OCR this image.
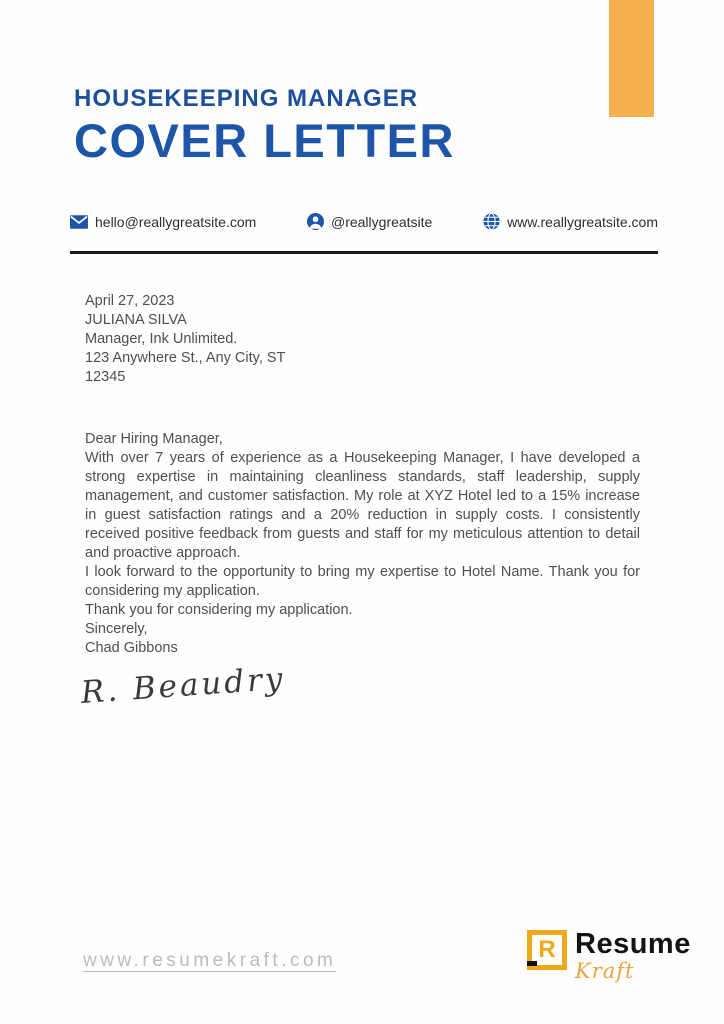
HOUSEKEEPING MANAGER
COVER LETTER
hello@reallygreatsite.com	@reallygreatsite	www.reallygreatsite.com

April 27, 2023

JULIANA SILVA

Manager, Ink Unlimited.

123 Anywhere St., Any City, ST

12345

Dear Hiring Manager,

With over 7 years of experience as a Housekeeping Manager, I have developed a strong expertise in maintaining cleanliness standards, staff leadership, supply management, and customer satisfaction. My role at XYZ Hotel led to a 15% increase in guest satisfaction ratings and a 20% reduction in supply costs. I consistently received positive feedback from guests and staff for my meticulous attention to detail and proactive approach.

I look forward to the opportunity to bring my expertise to Hotel Name. Thank you for considering my application.

Thank you for considering my application.

Sincerely,

Chad Gibbons

R. Beaudry
www.resumekraft.com	R Resume
Kraft
